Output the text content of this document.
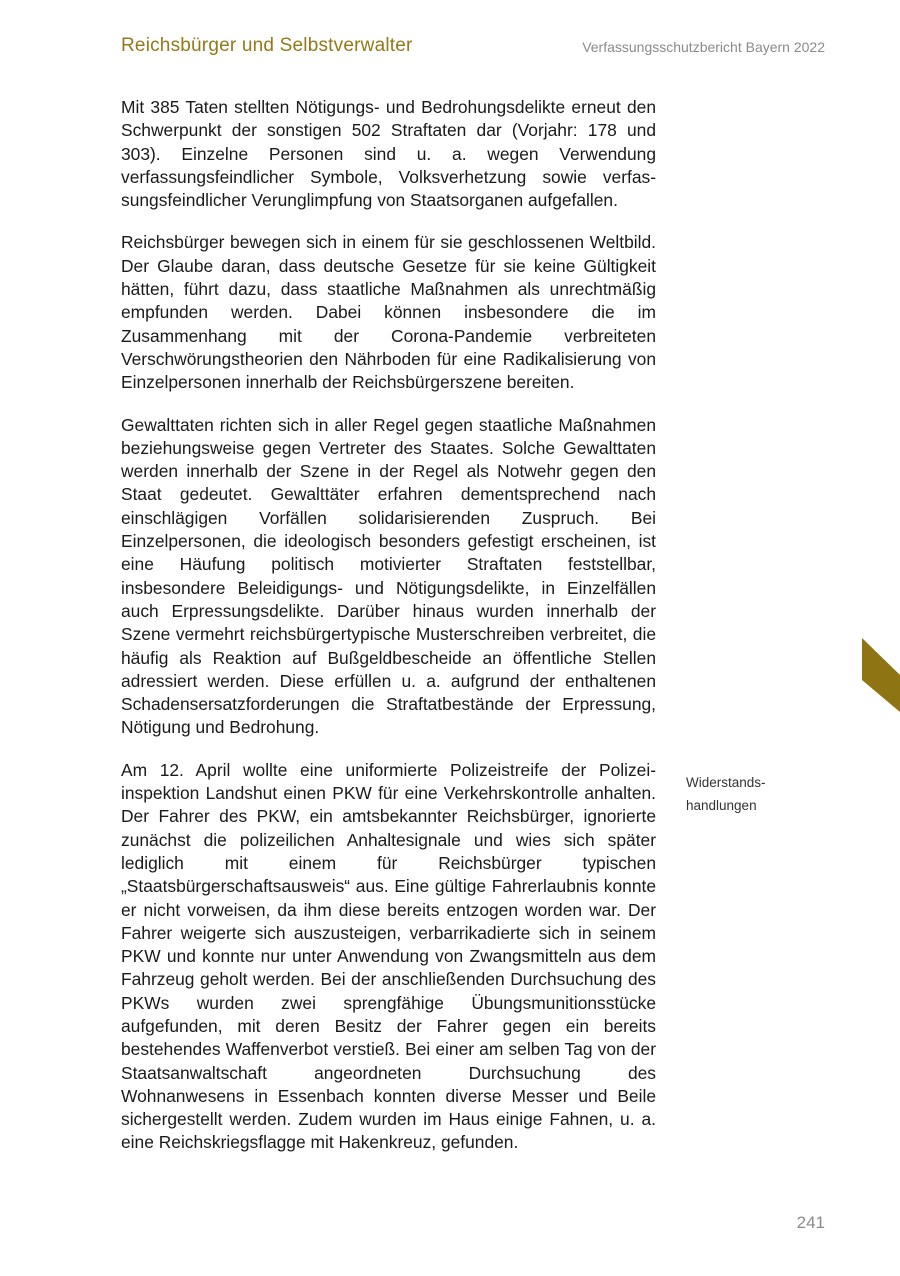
Reichsbürger und Selbstverwalter	Verfassungsschutzbericht Bayern 2022

Mit 385 Taten stellten Nötigungs- und Bedrohungsdelikte erneut den Schwerpunkt der sonstigen 502 Straftaten dar (Vorjahr: 178 und 303). Einzelne Personen sind u. a. wegen Verwendung verfassungsfeindlicher Symbole, Volksverhetzung sowie verfassungsfeindlicher Verunglimpfung von Staatsorganen aufgefallen.

Reichsbürger bewegen sich in einem für sie geschlossenen Weltbild. Der Glaube daran, dass deutsche Gesetze für sie keine Gültigkeit hätten, führt dazu, dass staatliche Maßnahmen als unrechtmäßig empfunden werden. Dabei können insbesondere die im Zusammenhang mit der Corona-Pandemie verbreiteten Verschwörungstheorien den Nährboden für eine Radikalisierung von Einzelpersonen innerhalb der Reichsbürgerszene bereiten.

Gewalttaten richten sich in aller Regel gegen staatliche Maßnahmen beziehungsweise gegen Vertreter des Staates. Solche Gewalttaten werden innerhalb der Szene in der Regel als Notwehr gegen den Staat gedeutet. Gewalttäter erfahren dementsprechend nach einschlägigen Vorfällen solidarisierenden Zuspruch. Bei Einzelpersonen, die ideologisch besonders gefestigt erscheinen, ist eine Häufung politisch motivierter Straftaten feststellbar, insbesondere Beleidigungs- und Nötigungsdelikte, in Einzelfällen auch Erpressungsdelikte. Darüber hinaus wurden innerhalb der Szene vermehrt reichsbürgertypische Musterschreiben verbreitet, die häufig als Reaktion auf Bußgeldbescheide an öffentliche Stellen adressiert werden. Diese erfüllen u. a. aufgrund der enthaltenen Schadensersatzforderungen die Straftatbestände der Erpressung, Nötigung und Bedrohung.

Am 12. April wollte eine uniformierte Polizeistreife der Polizeiinspektion Landshut einen PKW für eine Verkehrskontrolle anhalten. Der Fahrer des PKW, ein amtsbekannter Reichsbürger, ignorierte zunächst die polizeilichen Anhaltesignale und wies sich später lediglich mit einem für Reichsbürger typischen „Staatsbürgerschaftsausweis“ aus. Eine gültige Fahrerlaubnis konnte er nicht vorweisen, da ihm diese bereits entzogen worden war. Der Fahrer weigerte sich auszusteigen, verbarrikadierte sich in seinem PKW und konnte nur unter Anwendung von Zwangsmitteln aus dem Fahrzeug geholt werden. Bei der anschließenden Durchsuchung des PKWs wurden zwei sprengfähige Übungsmunitionsstücke aufgefunden, mit deren Besitz der Fahrer gegen ein bereits bestehendes Waffenverbot verstieß. Bei einer am selben Tag von der Staatsanwaltschaft angeordneten Durchsuchung des Wohnanwesens in Essenbach konnten diverse Messer und Beile sichergestellt werden. Zudem wurden im Haus einige Fahnen, u. a. eine Reichskriegsflagge mit Hakenkreuz, gefunden.

Widerstands-
handlungen
241
